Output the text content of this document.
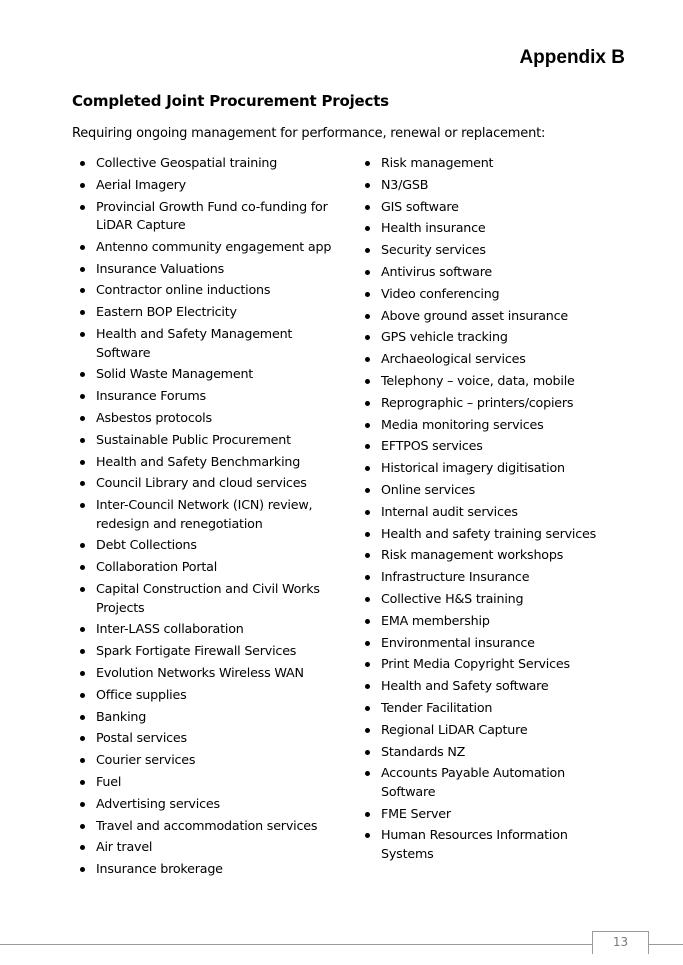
Appendix B
Completed Joint Procurement Projects
Requiring ongoing management for performance, renewal or replacement:
Collective Geospatial training
Aerial Imagery
Provincial Growth Fund co-funding for LiDAR Capture
Antenno community engagement app
Insurance Valuations
Contractor online inductions
Eastern BOP Electricity
Health and Safety Management Software
Solid Waste Management
Insurance Forums
Asbestos protocols
Sustainable Public Procurement
Health and Safety Benchmarking
Council Library and cloud services
Inter-Council Network (ICN) review, redesign and renegotiation
Debt Collections
Collaboration Portal
Capital Construction and Civil Works Projects
Inter-LASS collaboration
Spark Fortigate Firewall Services
Evolution Networks Wireless WAN
Office supplies
Banking
Postal services
Courier services
Fuel
Advertising services
Travel and accommodation services
Air travel
Insurance brokerage
Risk management
N3/GSB
GIS software
Health insurance
Security services
Antivirus software
Video conferencing
Above ground asset insurance
GPS vehicle tracking
Archaeological services
Telephony – voice, data, mobile
Reprographic – printers/copiers
Media monitoring services
EFTPOS services
Historical imagery digitisation
Online services
Internal audit services
Health and safety training services
Risk management workshops
Infrastructure Insurance
Collective H&S training
EMA membership
Environmental insurance
Print Media Copyright Services
Health and Safety software
Tender Facilitation
Regional LiDAR Capture
Standards NZ
Accounts Payable Automation Software
FME Server
Human Resources Information Systems
13
